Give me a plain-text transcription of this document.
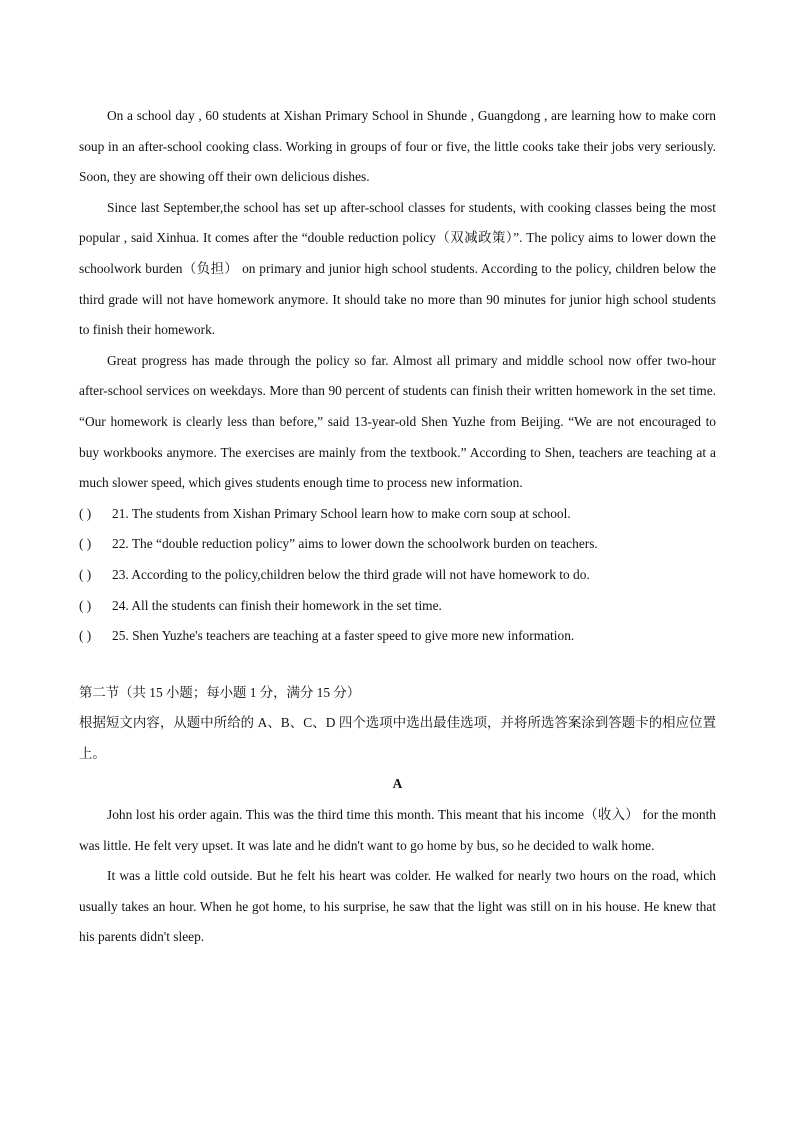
On a school day , 60 students at Xishan Primary School in Shunde , Guangdong , are learning how to make corn soup in an after-school cooking class. Working in groups of four or five, the little cooks take their jobs very seriously. Soon, they are showing off their own delicious dishes.

Since last September,the school has set up after-school classes for students, with cooking classes being the most popular , said Xinhua. It comes after the “double reduction policy（双减政策）”. The policy aims to lower down the schoolwork burden（负担） on primary and junior high school students. According to the policy, children below the third grade will not have homework anymore. It should take no more than 90 minutes for junior high school students to finish their homework.

Great progress has made through the policy so far. Almost all primary and middle school now offer two-hour after-school services on weekdays. More than 90 percent of students can finish their written homework in the set time. “Our homework is clearly less than before,” said 13-year-old Shen Yuzhe from Beijing. “We are not encouraged to buy workbooks anymore. The exercises are mainly from the textbook.” According to Shen, teachers are teaching at a much slower speed, which gives students enough time to process new information.

( ) 21. The students from Xishan Primary School learn how to make corn soup at school.

( ) 22. The “double reduction policy” aims to lower down the schoolwork burden on teachers.

( ) 23. According to the policy,children below the third grade will not have homework to do.

( ) 24. All the students can finish their homework in the set time.

( ) 25. Shen Yuzhe's teachers are teaching at a faster speed to give more new information.

第二节（共 15 小题；每小题 1 分，满分 15 分）

根据短文内容，从题中所给的 A、B、C、D 四个选项中选出最佳选项，并将所选答案涂到答题卡的相应位置上。

A

John lost his order again. This was the third time this month. This meant that his income（收入） for the month was little. He felt very upset. It was late and he didn't want to go home by bus, so he decided to walk home.

It was a little cold outside. But he felt his heart was colder. He walked for nearly two hours on the road, which usually takes an hour. When he got home, to his surprise, he saw that the light was still on in his house. He knew that his parents didn't sleep.
